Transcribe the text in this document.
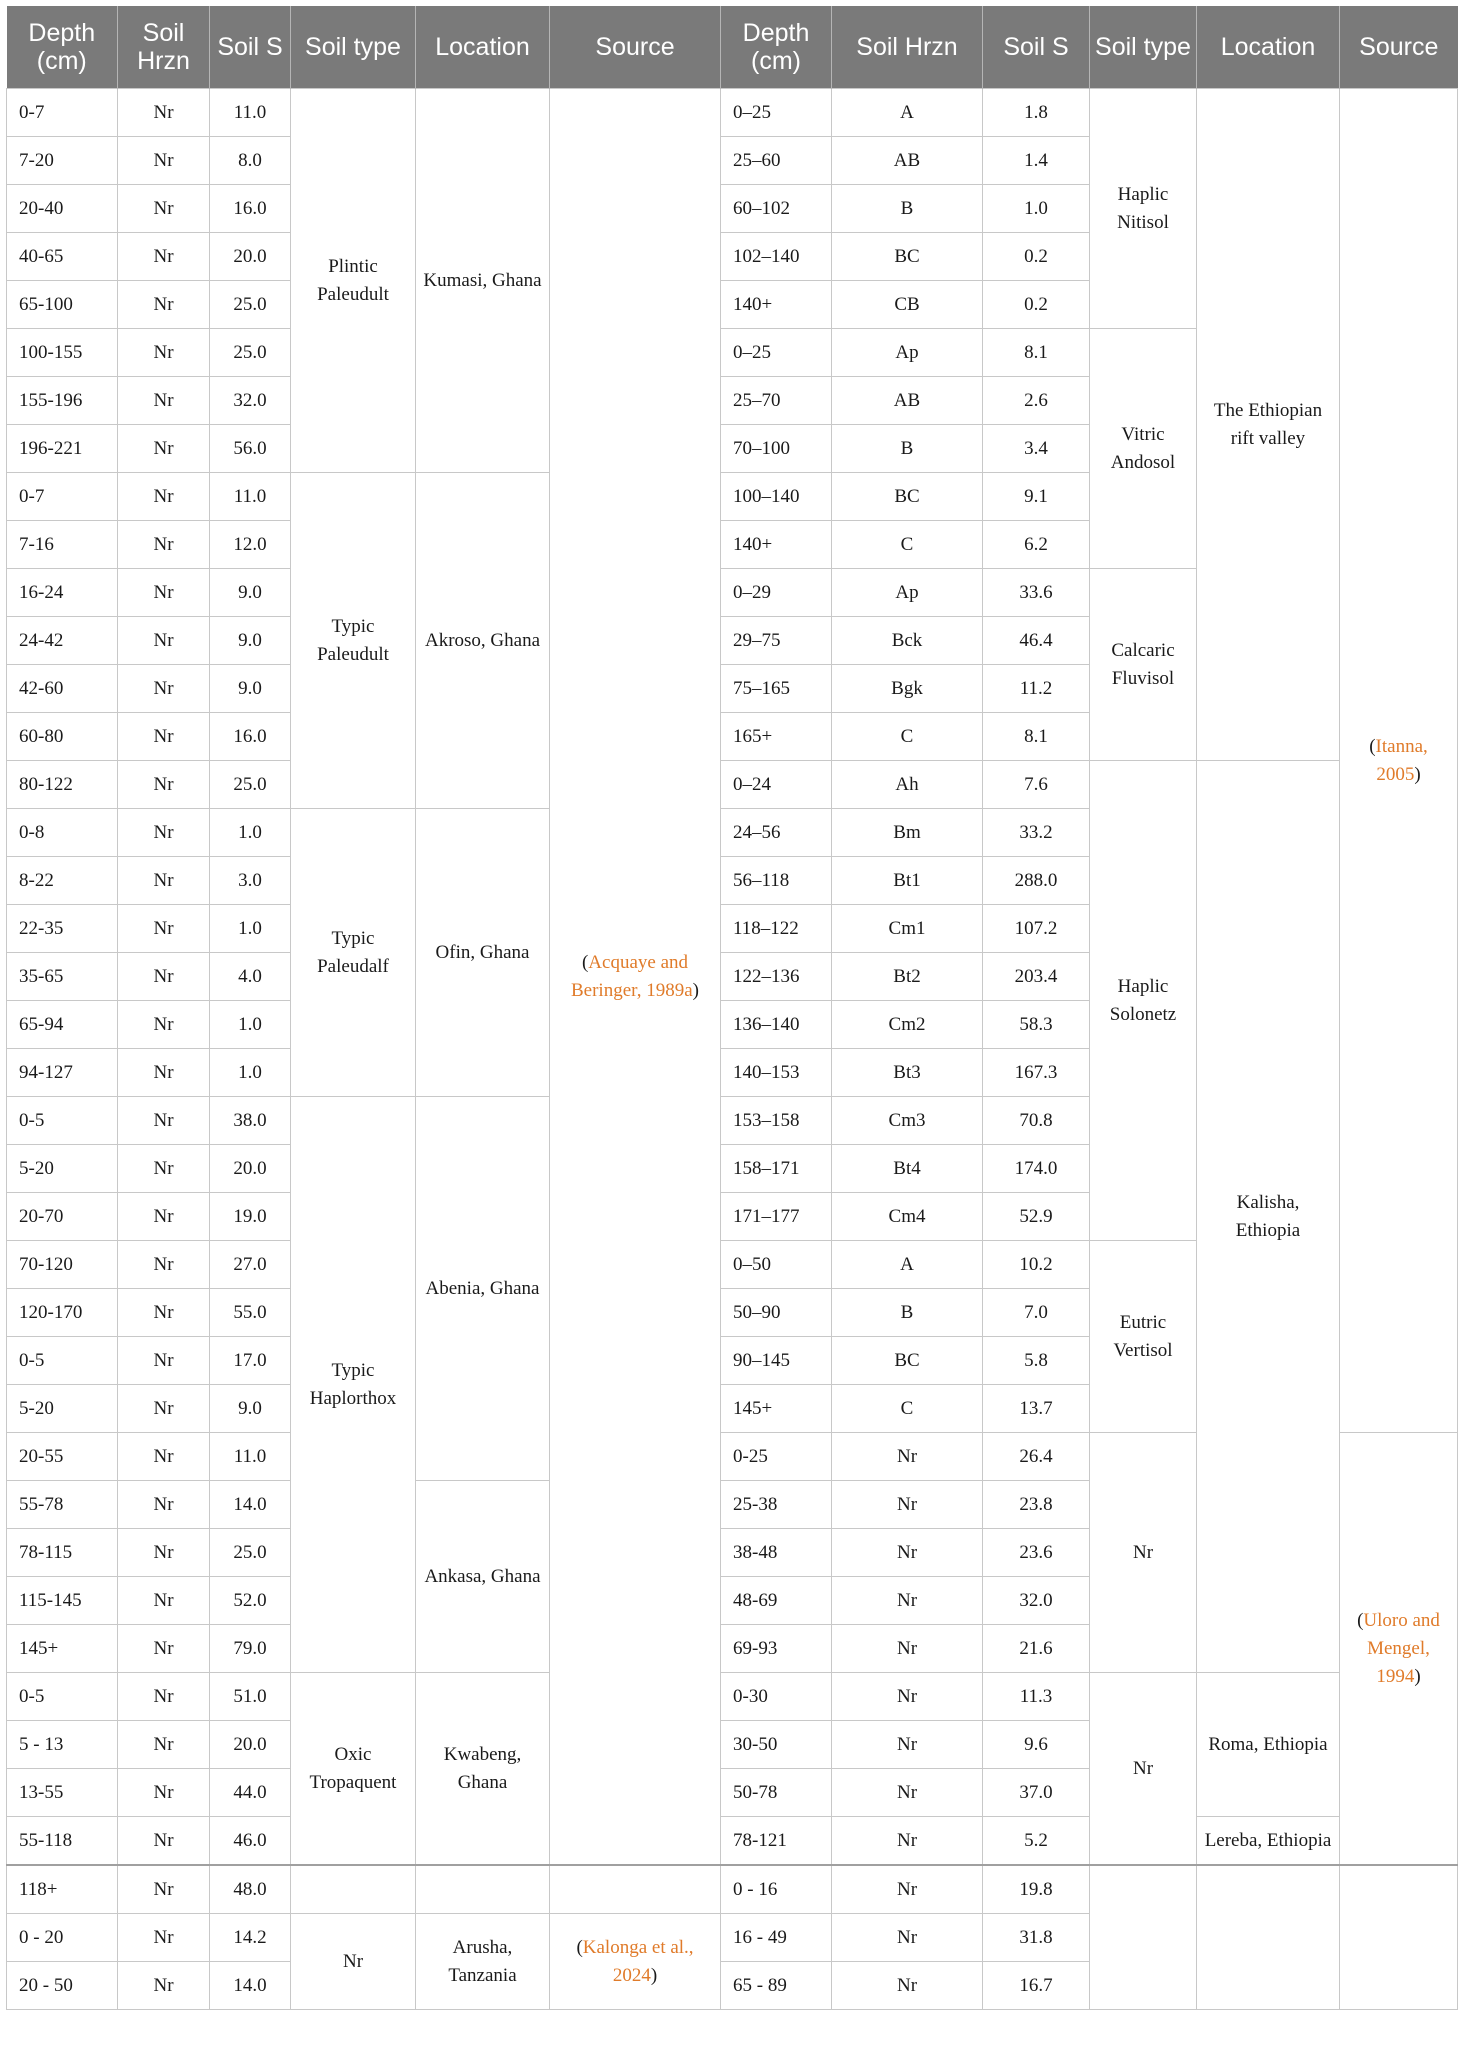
Depth (cm)	Soil Hrzn	Soil S	Soil type	Location	Source	Depth (cm)	Soil Hrzn	Soil S	Soil type	Location	Source
0-7	Nr	11.0	Plintic Paleudult	Kumasi, Ghana	(Acquaye and Beringer, 1989a)	0–25	A	1.8	Haplic Nitisol	The Ethiopian rift valley	(Itanna, 2005)
7-20	Nr	8.0				25–60	AB	1.4			
20-40	Nr	16.0				60–102	B	1.0			
40-65	Nr	20.0				102–140	BC	0.2			
65-100	Nr	25.0				140+	CB	0.2			
100-155	Nr	25.0				0–25	Ap	8.1	Vitric Andosol		
155-196	Nr	32.0				25–70	AB	2.6			
196-221	Nr	56.0				70–100	B	3.4			
0-7	Nr	11.0	Typic Paleudult	Akroso, Ghana		100–140	BC	9.1			
7-16	Nr	12.0				140+	C	6.2			
16-24	Nr	9.0				0–29	Ap	33.6	Calcaric Fluvisol		
24-42	Nr	9.0				29–75	Bck	46.4			
42-60	Nr	9.0				75–165	Bgk	11.2			
60-80	Nr	16.0				165+	C	8.1			
80-122	Nr	25.0				0–24	Ah	7.6	Haplic Solonetz	Kalisha, Ethiopia	
0-8	Nr	1.0	Typic Paleudalf	Ofin, Ghana		24–56	Bm	33.2			
8-22	Nr	3.0				56–118	Bt1	288.0			
22-35	Nr	1.0				118–122	Cm1	107.2			
35-65	Nr	4.0				122–136	Bt2	203.4			
65-94	Nr	1.0				136–140	Cm2	58.3			
94-127	Nr	1.0				140–153	Bt3	167.3			
0-5	Nr	38.0	Typic Haplorthox	Abenia, Ghana		153–158	Cm3	70.8			
5-20	Nr	20.0				158–171	Bt4	174.0			
20-70	Nr	19.0				171–177	Cm4	52.9			
70-120	Nr	27.0				0–50	A	10.2	Eutric Vertisol		
120-170	Nr	55.0				50–90	B	7.0			
0-5	Nr	17.0				90–145	BC	5.8			
5-20	Nr	9.0				145+	C	13.7			
20-55	Nr	11.0				0-25	Nr	26.4	Nr		(Uloro and Mengel, 1994)
55-78	Nr	14.0		Ankasa, Ghana		25-38	Nr	23.8			
78-115	Nr	25.0				38-48	Nr	23.6			
115-145	Nr	52.0				48-69	Nr	32.0			
145+	Nr	79.0				69-93	Nr	21.6			
0-5	Nr	51.0	Oxic Tropaquent	Kwabeng, Ghana		0-30	Nr	11.3	Nr	Roma, Ethiopia	
5 - 13	Nr	20.0				30-50	Nr	9.6			
13-55	Nr	44.0				50-78	Nr	37.0			
55-118	Nr	46.0				78-121	Nr	5.2		Lereba, Ethiopia	
118+	Nr	48.0				0 - 16	Nr	19.8			
0 - 20	Nr	14.2	Nr	Arusha, Tanzania	(Kalonga et al., 2024)	16 - 49	Nr	31.8			
20 - 50	Nr	14.0				65 - 89	Nr	16.7			
